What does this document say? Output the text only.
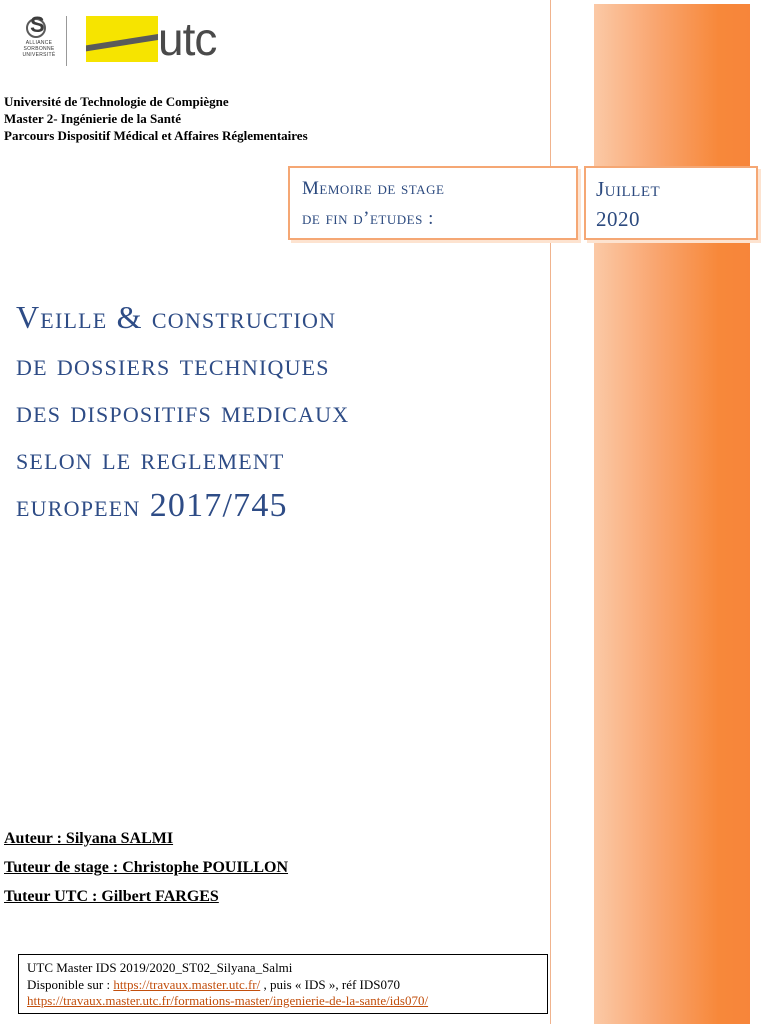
S
ALLIANCE SORBONNE UNIVERSITÉ utc
Université de Technologie de Compiègne
Master 2- Ingénierie de la Santé
Parcours Dispositif Médical et Affaires Réglementaires
Memoire de stage
de fin d’etudes :
Juillet
2020
Veille & construction
de dossiers techniques
des dispositifs medicaux
selon le reglement
europeen 2017/745
Auteur : Silyana SALMI
Tuteur de stage : Christophe POUILLON
Tuteur UTC : Gilbert FARGES
UTC Master IDS 2019/2020_ST02_Silyana_Salmi
Disponible sur : https://travaux.master.utc.fr/ , puis « IDS », réf IDS070
https://travaux.master.utc.fr/formations-master/ingenierie-de-la-sante/ids070/
